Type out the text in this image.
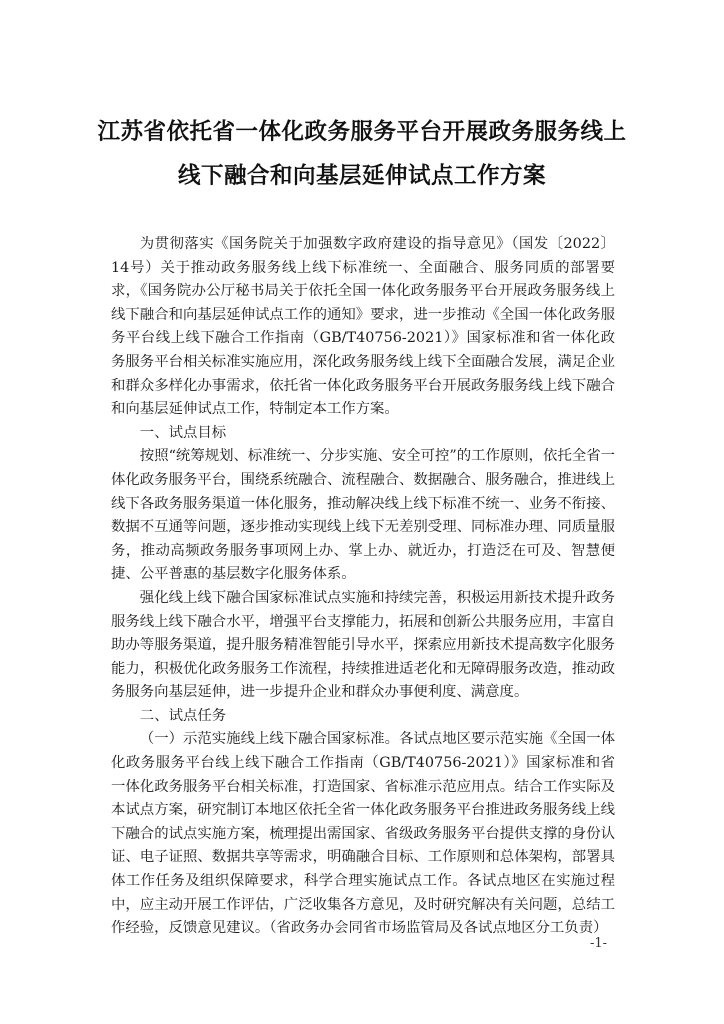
江苏省依托省一体化政务服务平台开展政务服务线上
线下融合和向基层延伸试点工作方案

为贯彻落实《国务院关于加强数字政府建设的指导意见》（国发〔2022〕14号）关于推动政务服务线上线下标准统一、全面融合、服务同质的部署要求，《国务院办公厅秘书局关于依托全国一体化政务服务平台开展政务服务线上线下融合和向基层延伸试点工作的通知》要求，进一步推动《全国一体化政务服务平台线上线下融合工作指南（GB/T40756-2021）》国家标准和省一体化政务服务平台相关标准实施应用，深化政务服务线上线下全面融合发展，满足企业和群众多样化办事需求，依托省一体化政务服务平台开展政务服务线上线下融合和向基层延伸试点工作，特制定本工作方案。

一、试点目标

按照“统筹规划、标准统一、分步实施、安全可控”的工作原则，依托全省一体化政务服务平台，围绕系统融合、流程融合、数据融合、服务融合，推进线上线下各政务服务渠道一体化服务，推动解决线上线下标准不统一、业务不衔接、数据不互通等问题，逐步推动实现线上线下无差别受理、同标准办理、同质量服务，推动高频政务服务事项网上办、掌上办、就近办，打造泛在可及、智慧便捷、公平普惠的基层数字化服务体系。

强化线上线下融合国家标准试点实施和持续完善，积极运用新技术提升政务服务线上线下融合水平，增强平台支撑能力，拓展和创新公共服务应用，丰富自助办等服务渠道，提升服务精准智能引导水平，探索应用新技术提高数字化服务能力，积极优化政务服务工作流程，持续推进适老化和无障碍服务改造，推动政务服务向基层延伸，进一步提升企业和群众办事便利度、满意度。

二、试点任务

（一）示范实施线上线下融合国家标准。各试点地区要示范实施《全国一体化政务服务平台线上线下融合工作指南（GB/T40756-2021）》国家标准和省一体化政务服务平台相关标准，打造国家、省标准示范应用点。结合工作实际及本试点方案，研究制订本地区依托全省一体化政务服务平台推进政务服务线上线下融合的试点实施方案，梳理提出需国家、省级政务服务平台提供支撑的身份认证、电子证照、数据共享等需求，明确融合目标、工作原则和总体架构，部署具体工作任务及组织保障要求，科学合理实施试点工作。各试点地区在实施过程中，应主动开展工作评估，广泛收集各方意见，及时研究解决有关问题，总结工作经验，反馈意见建议。（省政务办会同省市场监管局及各试点地区分工负责）

-1-
